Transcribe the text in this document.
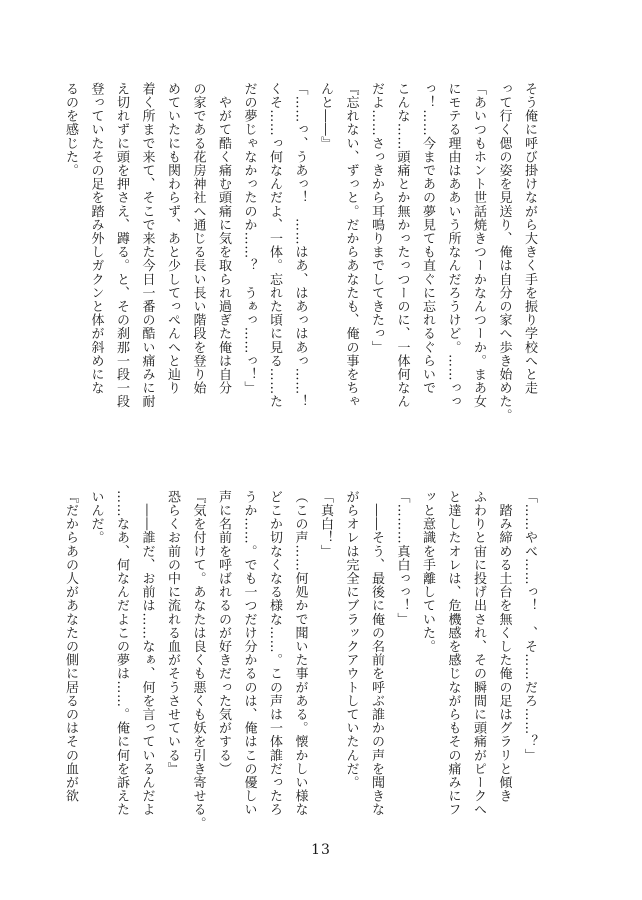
そう俺に呼び掛けながら大きく手を振り学校へと走
って行く偲の姿を見送り、俺は自分の家へ歩き始めた。
「あいつもホント世話焼きつーかなんつーか。まあ女
にモテる理由はああいう所なんだろうけど。……っっ
っ！……今まであの夢見ても直ぐに忘れるぐらいで
こんな……頭痛とか無かったっつーのに、一体何なん
だよ……さっきから耳鳴りまでしてきたっ」
『忘れない、ずっと。だからあなたも、俺の事をちゃ
んと――』
「……っ、うあっ！　……はあ、はあっはあっ……！
くそ……っ何なんだよ、一体。忘れた頃に見る……た
だの夢じゃなかったのか……？　うぁっ……っ！」
　やがて酷く痛む頭痛に気を取られ過ぎた俺は自分
の家である花房神社へ通じる長い長い階段を登り始
めていたにも関わらず、あと少してっぺんへと辿り
着く所まで来て、そこで来た今日一番の酷い痛みに耐
え切れずに頭を押さえ、蹲る。と、その刹那一段一段
登っていたその足を踏み外しガクンと体が斜めにな
るのを感じた。
「……やべ……っ！　、そ……だろ……？」
　踏み締める土台を無くした俺の足はグラリと傾き
ふわりと宙に投げ出され、その瞬間に頭痛がピークへ
と達したオレは、危機感を感じながらもその痛みにフ
ッと意識を手離していた。
「………真白っっ！」
　――そう、最後に俺の名前を呼ぶ誰かの声を聞きな
がらオレは完全にブラックアウトしていたんだ。
「真白！」
（この声……何処かで聞いた事がある。懐かしい様な
どこか切なくなる様な……。この声は一体誰だったろ
うか……。でも一つだけ分かるのは、俺はこの優しい
声に名前を呼ばれるのが好きだった気がする）
『気を付けて。あなたは良くも悪くも妖を引き寄せる。
恐らくお前の中に流れる血がそうさせている』
　――誰だ、お前は……なぁ、何を言っているんだよ
……なあ、何なんだよこの夢は……。俺に何を訴えた
いんだ。
『だからあの人があなたの側に居るのはその血が欲
13
